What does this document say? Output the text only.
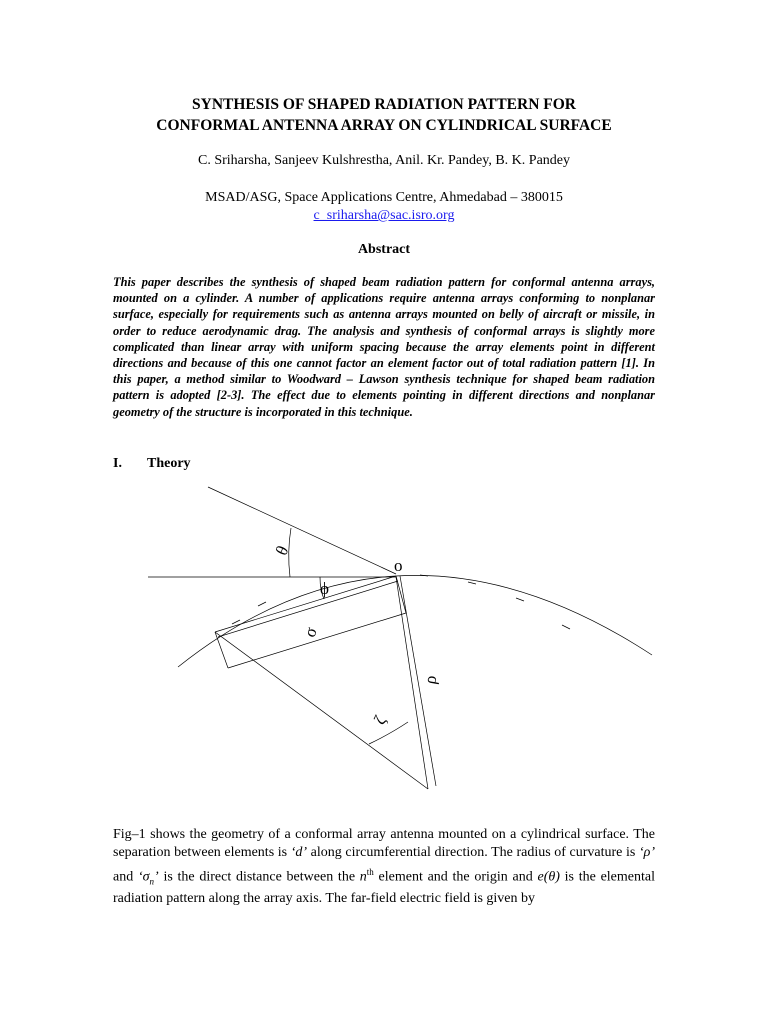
SYNTHESIS OF SHAPED RADIATION PATTERN FOR
CONFORMAL ANTENNA ARRAY ON CYLINDRICAL SURFACE
C. Sriharsha, Sanjeev Kulshrestha, Anil. Kr. Pandey, B. K. Pandey
MSAD/ASG, Space Applications Centre, Ahmedabad – 380015
c_sriharsha@sac.isro.org
Abstract
This paper describes the synthesis of shaped beam radiation pattern for conformal antenna arrays, mounted on a cylinder. A number of applications require antenna arrays conforming to nonplanar surface, especially for requirements such as antenna arrays mounted on belly of aircraft or missile, in order to reduce aerodynamic drag. The analysis and synthesis of conformal arrays is slightly more complicated than linear array with uniform spacing because the array elements point in different directions and because of this one cannot factor an element factor out of total radiation pattern [1]. In this paper, a method similar to Woodward – Lawson synthesis technique for shaped beam radiation pattern is adopted [2-3]. The effect due to elements pointing in different directions and nonplanar geometry of the structure is incorporated in this technique.
I. Theory
θ
ϕ
o
σ
ρ
ζ
Fig–1 shows the geometry of a conformal array antenna mounted on a cylindrical surface. The separation between elements is ‘d’ along circumferential direction. The radius of curvature is ‘ρ’ and ‘$\sigma_n$’ is the direct distance between the $n^{th}$ element and the origin and e(θ) is the elemental radiation pattern along the array axis. The far-field electric field is given by
